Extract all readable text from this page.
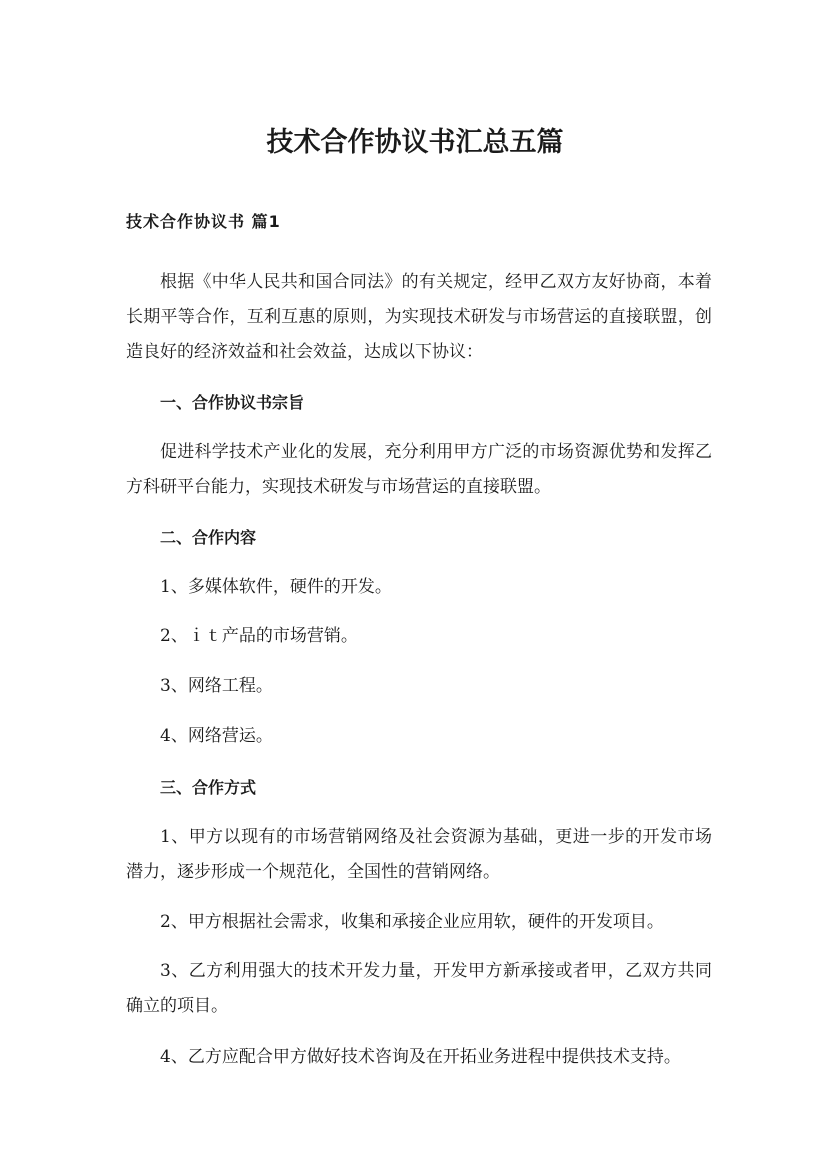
技术合作协议书汇总五篇
技术合作协议书 篇1
根据《中华人民共和国合同法》的有关规定，经甲乙双方友好协商，本着长期平等合作，互利互惠的原则，为实现技术研发与市场营运的直接联盟，创造良好的经济效益和社会效益，达成以下协议：
一、合作协议书宗旨
促进科学技术产业化的发展，充分利用甲方广泛的市场资源优势和发挥乙方科研平台能力，实现技术研发与市场营运的直接联盟。
二、合作内容
1、多媒体软件，硬件的开发。
2、ｉｔ产品的市场营销。
3、网络工程。
4、网络营运。
三、合作方式
1、甲方以现有的市场营销网络及社会资源为基础，更进一步的开发市场潜力，逐步形成一个规范化，全国性的营销网络。
2、甲方根据社会需求，收集和承接企业应用软，硬件的开发项目。
3、乙方利用强大的技术开发力量，开发甲方新承接或者甲，乙双方共同确立的项目。
4、乙方应配合甲方做好技术咨询及在开拓业务进程中提供技术支持。
